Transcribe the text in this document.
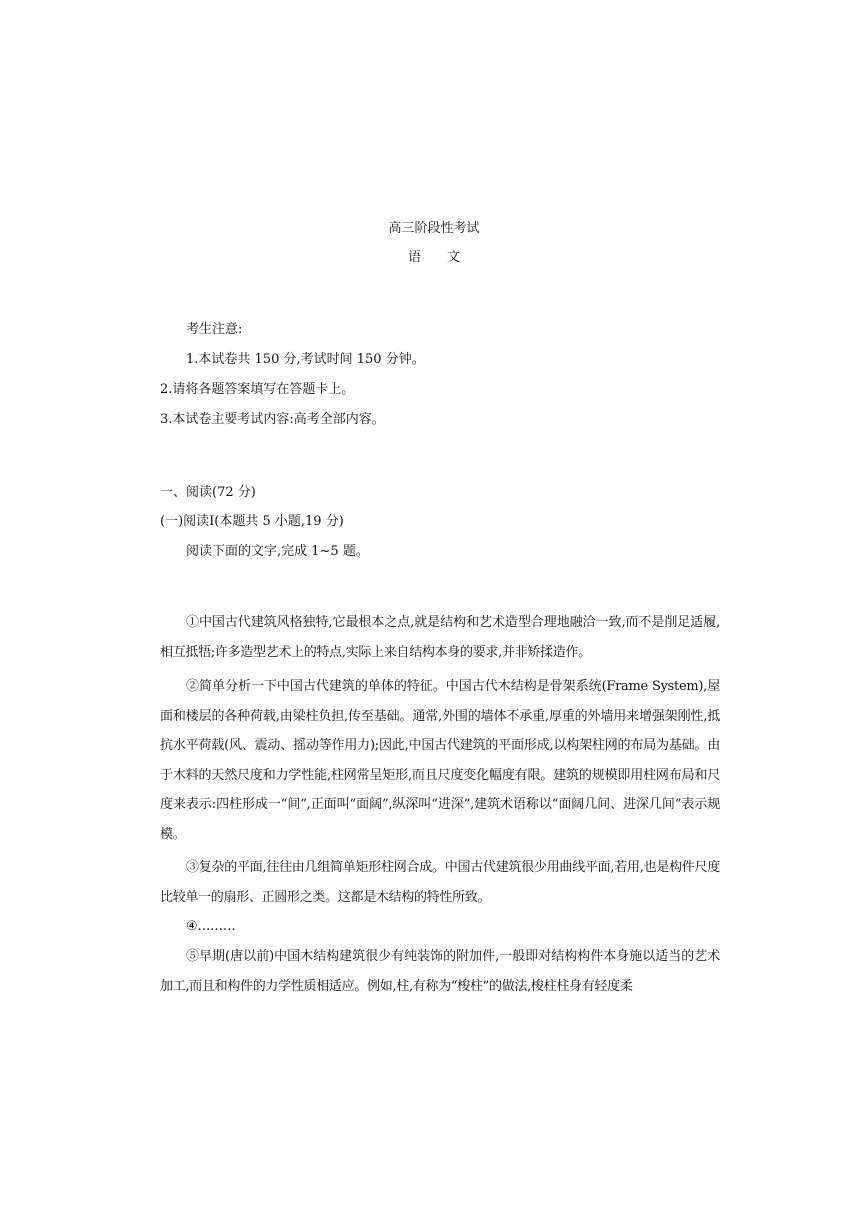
高三阶段性考试
语　　文
考生注意:
1.本试卷共 150 分,考试时间 150 分钟。
2.请将各题答案填写在答题卡上。
3.本试卷主要考试内容:高考全部内容。
一、阅读(72 分)
(一)阅读Ⅰ(本题共 5 小题,19 分)
阅读下面的文字,完成 1~5 题。
①中国古代建筑风格独特,它最根本之点,就是结构和艺术造型合理地融洽一致,而不是削足适履,相互抵牾;许多造型艺术上的特点,实际上来自结构本身的要求,并非矫揉造作。
②简单分析一下中国古代建筑的单体的特征。中国古代木结构是骨架系统(Frame System),屋面和楼层的各种荷载,由梁柱负担,传至基础。通常,外围的墙体不承重,厚重的外墙用来增强架刚性,抵抗水平荷载(风、震动、摇动等作用力);因此,中国古代建筑的平面形成,以构架柱网的布局为基础。由于木料的天然尺度和力学性能,柱网常呈矩形,而且尺度变化幅度有限。建筑的规模即用柱网布局和尺度来表示:四柱形成一“间”,正面叫“面阔”,纵深叫“进深”,建筑术语称以“面阔几间、进深几间”表示规模。
③复杂的平面,往往由几组简单矩形柱网合成。中国古代建筑很少用曲线平面,若用,也是构件尺度比较单一的扇形、正圆形之类。这都是木结构的特性所致。
④………
⑤早期(唐以前)中国木结构建筑很少有纯装饰的附加件,一般即对结构构件本身施以适当的艺术加工,而且和构件的力学性质相适应。例如,柱,有称为“梭柱”的做法,梭柱柱身有轻度柔
